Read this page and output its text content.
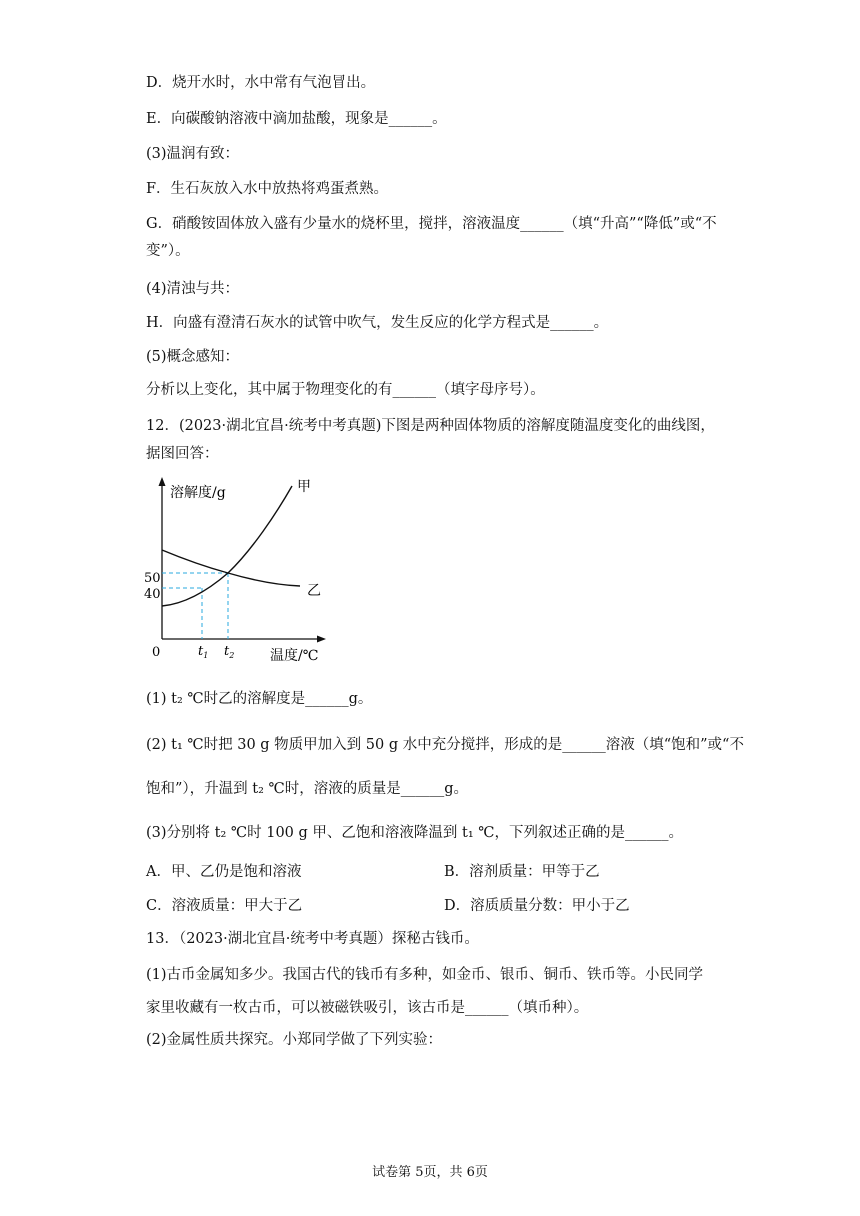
D．烧开水时，水中常有气泡冒出。
E．向碳酸钠溶液中滴加盐酸，现象是______。
(3)温润有致：
F．生石灰放入水中放热将鸡蛋煮熟。
G．硝酸铵固体放入盛有少量水的烧杯里，搅拌，溶液温度______（填“升高”“降低”或“不
变”）。
(4)清浊与共：
H．向盛有澄清石灰水的试管中吹气，发生反应的化学方程式是______。
(5)概念感知：
分析以上变化，其中属于物理变化的有______（填字母序号）。
12．(2023·湖北宜昌·统考中考真题)下图是两种固体物质的溶解度随温度变化的曲线图，
据图回答：
溶解度/g
温度/℃
0
50
40
$t_1$ $t_2$
甲
乙
(1) t₂ ℃时乙的溶解度是______g。
(2) t₁ ℃时把 30 g 物质甲加入到 50 g 水中充分搅拌，形成的是______溶液（填“饱和”或“不
饱和”），升温到 t₂ ℃时，溶液的质量是______g。
(3)分别将 t₂ ℃时 100 g 甲、乙饱和溶液降温到 t₁ ℃，下列叙述正确的是______。
A．甲、乙仍是饱和溶液	B．溶剂质量：甲等于乙
C．溶液质量：甲大于乙	D．溶质质量分数：甲小于乙
13．（2023·湖北宜昌·统考中考真题）探秘古钱币。
(1)古币金属知多少。我国古代的钱币有多种，如金币、银币、铜币、铁币等。小民同学
家里收藏有一枚古币，可以被磁铁吸引，该古币是______（填币种）。
(2)金属性质共探究。小郑同学做了下列实验：
试卷第 5页，共 6页
